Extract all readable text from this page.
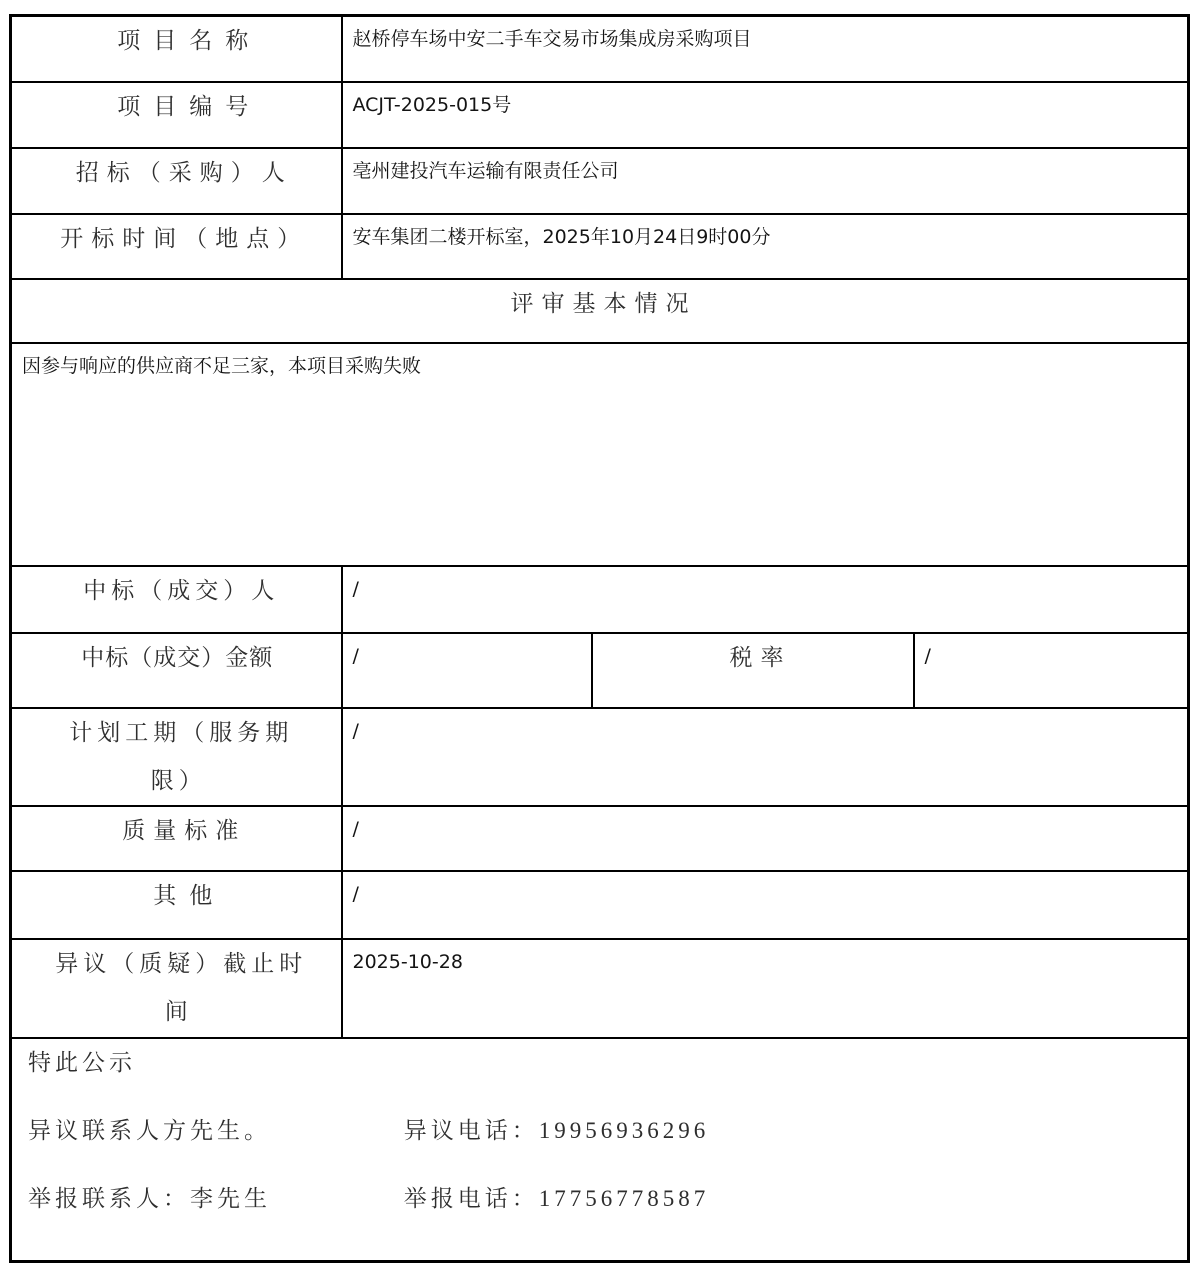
项目名称	赵桥停车场中安二手车交易市场集成房采购项目		
项目编号	ACJT-2025-015号		
招标（采购）人	亳州建投汽车运输有限责任公司		
开标时间（地点）	安车集团二楼开标室，2025年10月24日9时00分		
评审基本情况			
因参与响应的供应商不足三家，本项目采购失败			
中标（成交）人	/		
中标（成交）金额	/	税率	/
计划工期（服务期限）	/		
质量标准	/		
其他	/		
异议（质疑）截止时间	2025-10-28		

特此公示

异议联系人方先生。 异议电话：19956936296

举报联系人：李先生 举报电话：17756778587			
